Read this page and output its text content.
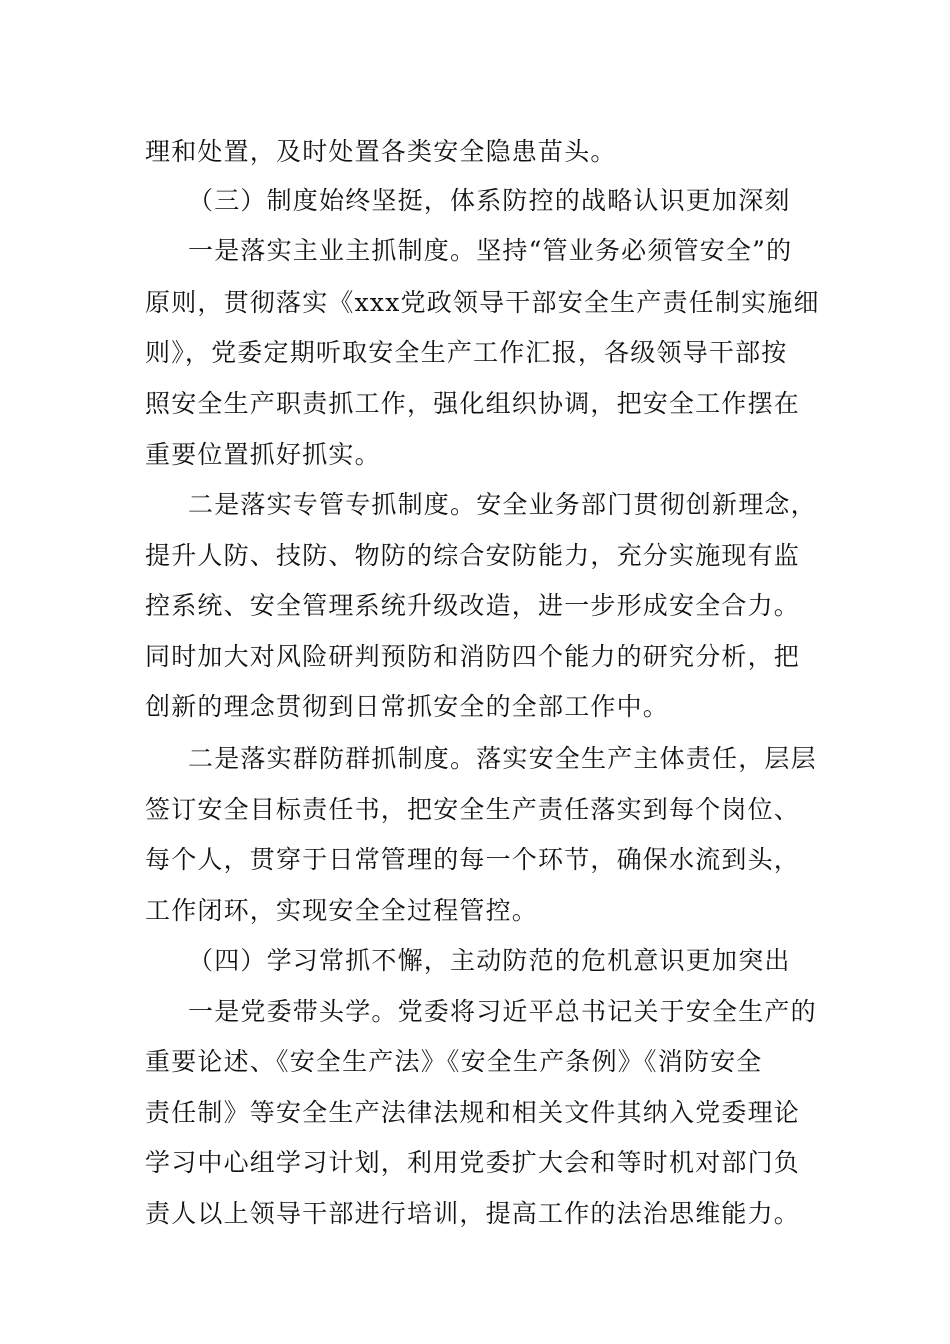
理和处置，及时处置各类安全隐患苗头。
（三）制度始终坚挺，体系防控的战略认识更加深刻
一是落实主业主抓制度。坚持“管业务必须管安全”的
原则，贯彻落实《xxx党政领导干部安全生产责任制实施细
则》，党委定期听取安全生产工作汇报，各级领导干部按
照安全生产职责抓工作，强化组织协调，把安全工作摆在
重要位置抓好抓实。
二是落实专管专抓制度。安全业务部门贯彻创新理念，
提升人防、技防、物防的综合安防能力，充分实施现有监
控系统、安全管理系统升级改造，进一步形成安全合力。
同时加大对风险研判预防和消防四个能力的研究分析，把
创新的理念贯彻到日常抓安全的全部工作中。
二是落实群防群抓制度。落实安全生产主体责任，层层
签订安全目标责任书，把安全生产责任落实到每个岗位、
每个人，贯穿于日常管理的每一个环节，确保水流到头，
工作闭环，实现安全全过程管控。
（四）学习常抓不懈，主动防范的危机意识更加突出
一是党委带头学。党委将习近平总书记关于安全生产的
重要论述、《安全生产法》《安全生产条例》《消防安全
责任制》等安全生产法律法规和相关文件其纳入党委理论
学习中心组学习计划，利用党委扩大会和等时机对部门负
责人以上领导干部进行培训，提高工作的法治思维能力。
